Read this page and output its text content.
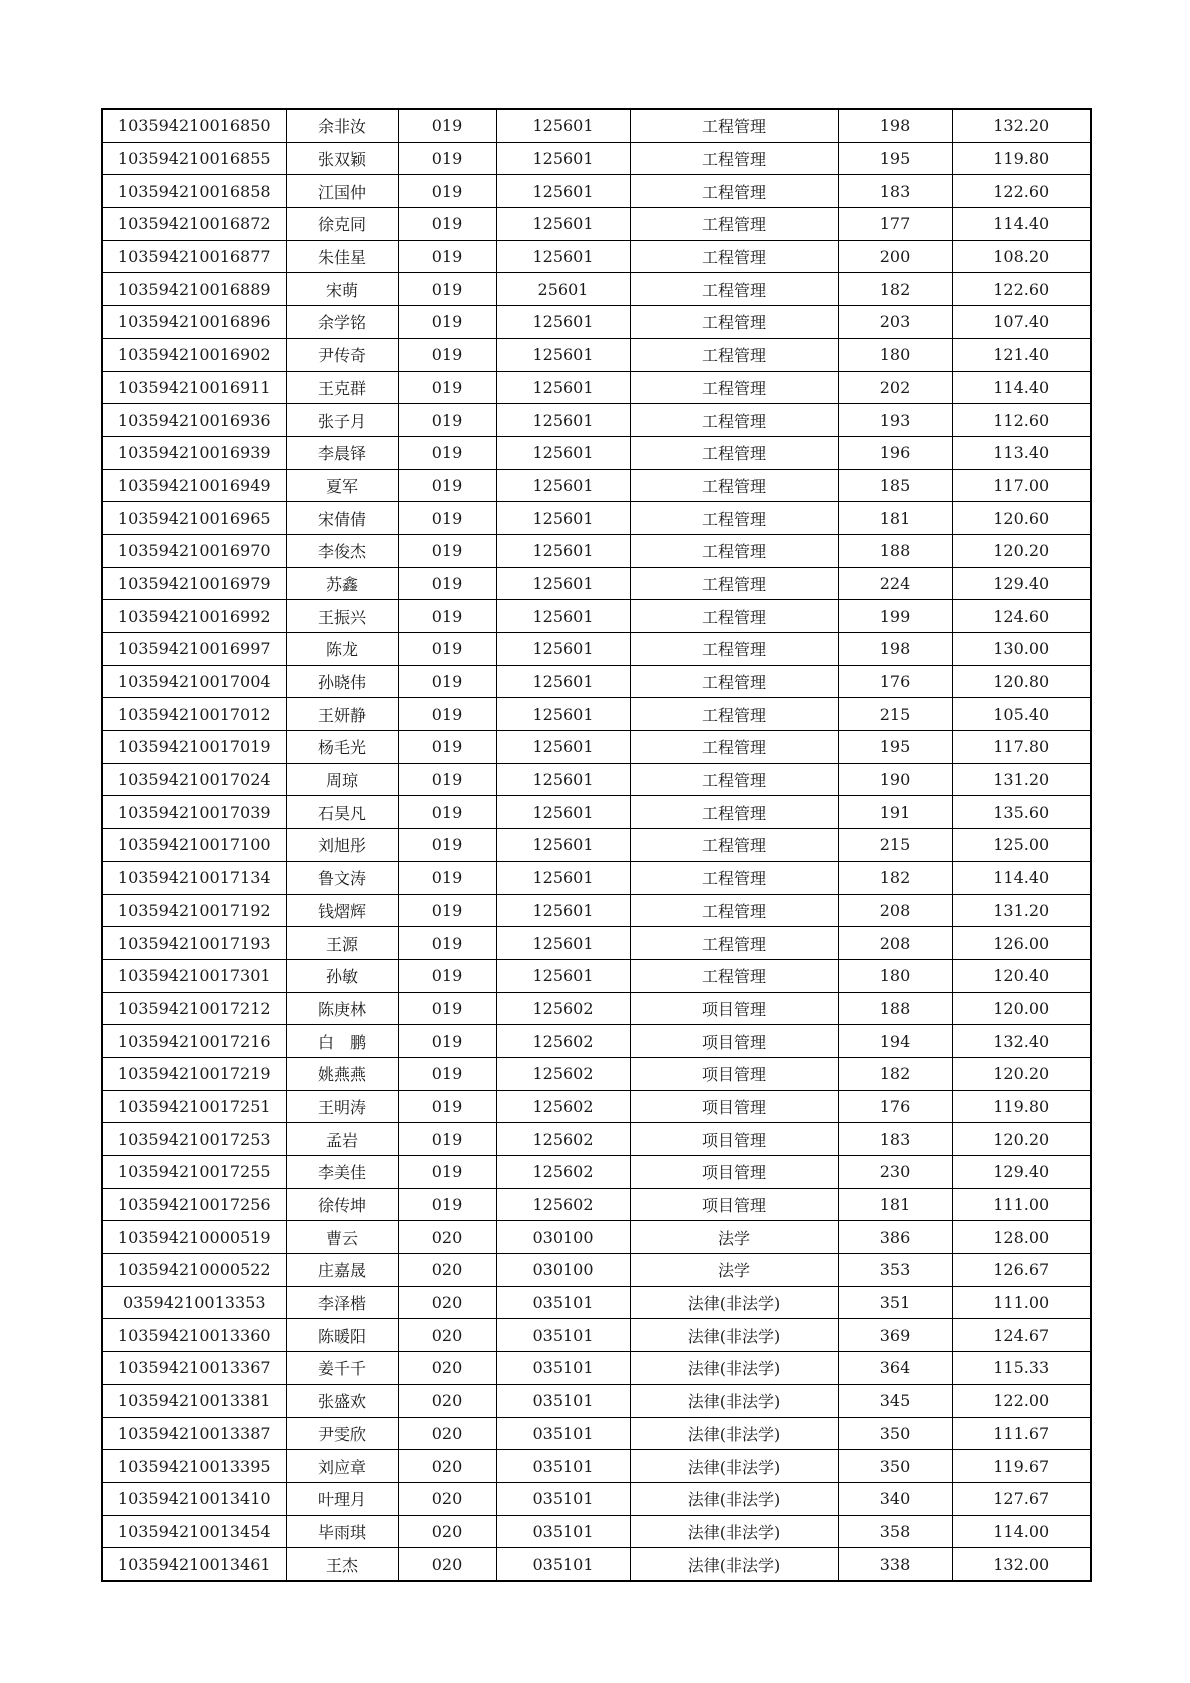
103594210016850	余非汝	019	125601	工程管理	198	132.20
103594210016855	张双颖	019	125601	工程管理	195	119.80
103594210016858	江国仲	019	125601	工程管理	183	122.60
103594210016872	徐克同	019	125601	工程管理	177	114.40
103594210016877	朱佳星	019	125601	工程管理	200	108.20
103594210016889	宋萌	019	25601	工程管理	182	122.60
103594210016896	余学铭	019	125601	工程管理	203	107.40
103594210016902	尹传奇	019	125601	工程管理	180	121.40
103594210016911	王克群	019	125601	工程管理	202	114.40
103594210016936	张子月	019	125601	工程管理	193	112.60
103594210016939	李晨铎	019	125601	工程管理	196	113.40
103594210016949	夏军	019	125601	工程管理	185	117.00
103594210016965	宋倩倩	019	125601	工程管理	181	120.60
103594210016970	李俊杰	019	125601	工程管理	188	120.20
103594210016979	苏鑫	019	125601	工程管理	224	129.40
103594210016992	王振兴	019	125601	工程管理	199	124.60
103594210016997	陈龙	019	125601	工程管理	198	130.00
103594210017004	孙晓伟	019	125601	工程管理	176	120.80
103594210017012	王妍静	019	125601	工程管理	215	105.40
103594210017019	杨毛光	019	125601	工程管理	195	117.80
103594210017024	周琼	019	125601	工程管理	190	131.20
103594210017039	石昊凡	019	125601	工程管理	191	135.60
103594210017100	刘旭彤	019	125601	工程管理	215	125.00
103594210017134	鲁文涛	019	125601	工程管理	182	114.40
103594210017192	钱熠辉	019	125601	工程管理	208	131.20
103594210017193	王源	019	125601	工程管理	208	126.00
103594210017301	孙敏	019	125601	工程管理	180	120.40
103594210017212	陈庚林	019	125602	项目管理	188	120.00
103594210017216	白　鹏	019	125602	项目管理	194	132.40
103594210017219	姚燕燕	019	125602	项目管理	182	120.20
103594210017251	王明涛	019	125602	项目管理	176	119.80
103594210017253	孟岩	019	125602	项目管理	183	120.20
103594210017255	李美佳	019	125602	项目管理	230	129.40
103594210017256	徐传坤	019	125602	项目管理	181	111.00
103594210000519	曹云	020	030100	法学	386	128.00
103594210000522	庄嘉晟	020	030100	法学	353	126.67
03594210013353	李泽楷	020	035101	法律(非法学)	351	111.00
103594210013360	陈暖阳	020	035101	法律(非法学)	369	124.67
103594210013367	姜千千	020	035101	法律(非法学)	364	115.33
103594210013381	张盛欢	020	035101	法律(非法学)	345	122.00
103594210013387	尹雯欣	020	035101	法律(非法学)	350	111.67
103594210013395	刘应章	020	035101	法律(非法学)	350	119.67
103594210013410	叶理月	020	035101	法律(非法学)	340	127.67
103594210013454	毕雨琪	020	035101	法律(非法学)	358	114.00
103594210013461	王杰	020	035101	法律(非法学)	338	132.00
